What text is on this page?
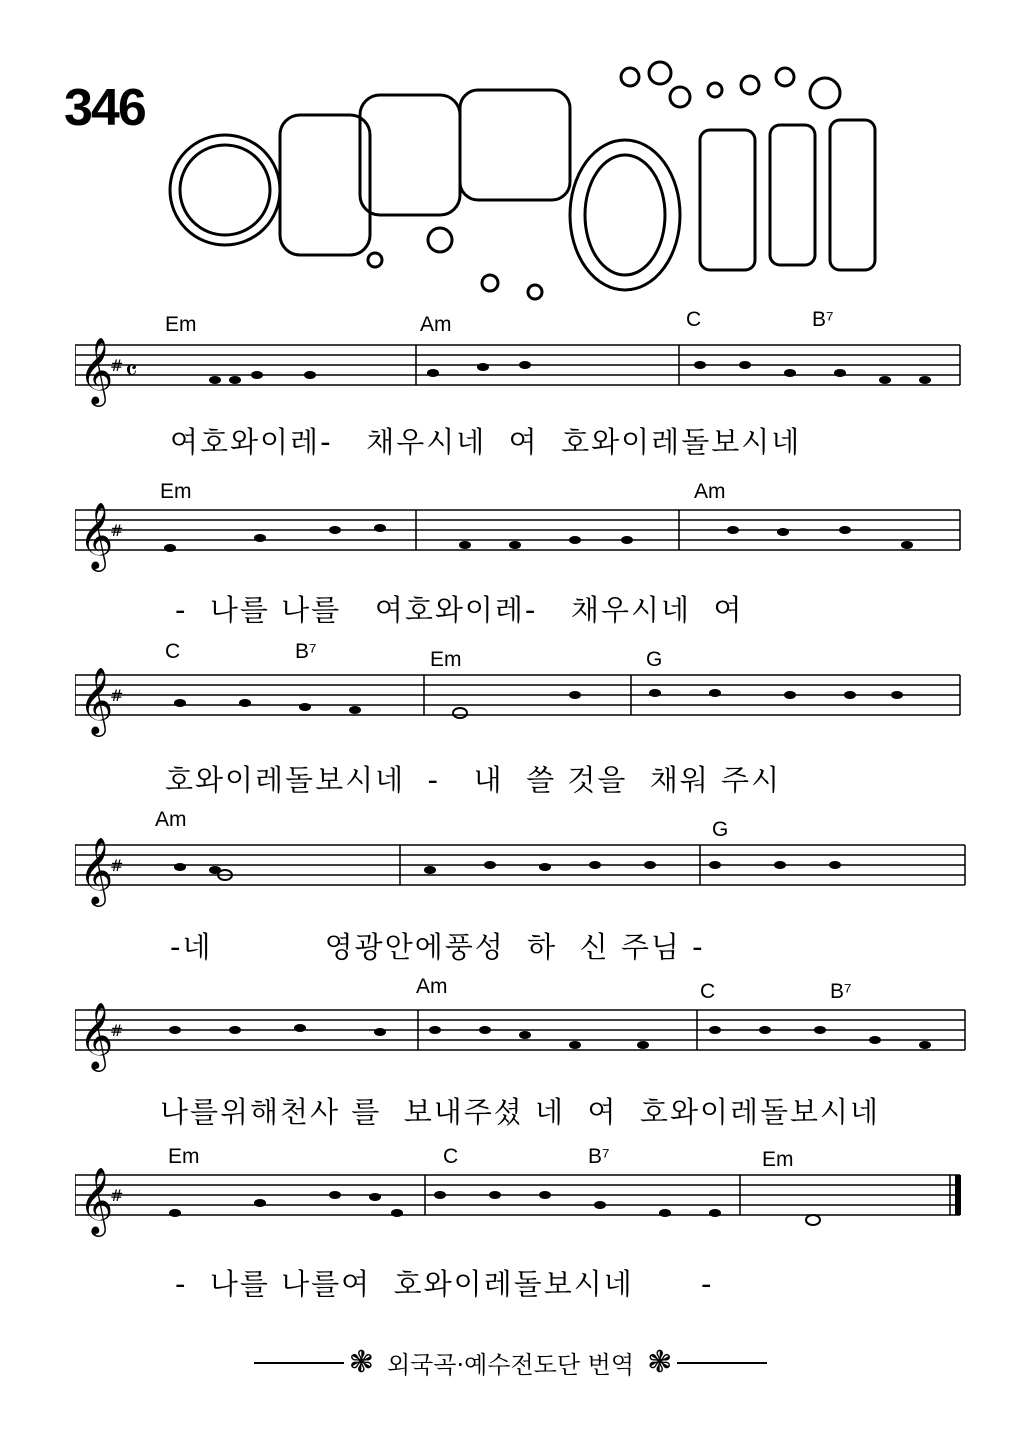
346
Em	Am	C	B⁷
𝄞
# 𝄴
여호와이레-   채우시네  여  호와이레돌보시네
Em	Am
𝄞
#
-  나를 나를   여호와이레-   채우시네  여
C	B⁷	Em	G
𝄞
#
호와이레돌보시네  -   내  쓸 것을  채워 주시
Am	G
𝄞
#
-네          영광안에풍성  하  신 주님 -
Am	C	B⁷
𝄞
#
나를위해천사 를  보내주셨 네  여  호와이레돌보시네
Em	C	B⁷	Em
𝄞
#
-  나를 나를여  호와이레돌보시네      -
❃ 외국곡·예수전도단 번역 ❃
